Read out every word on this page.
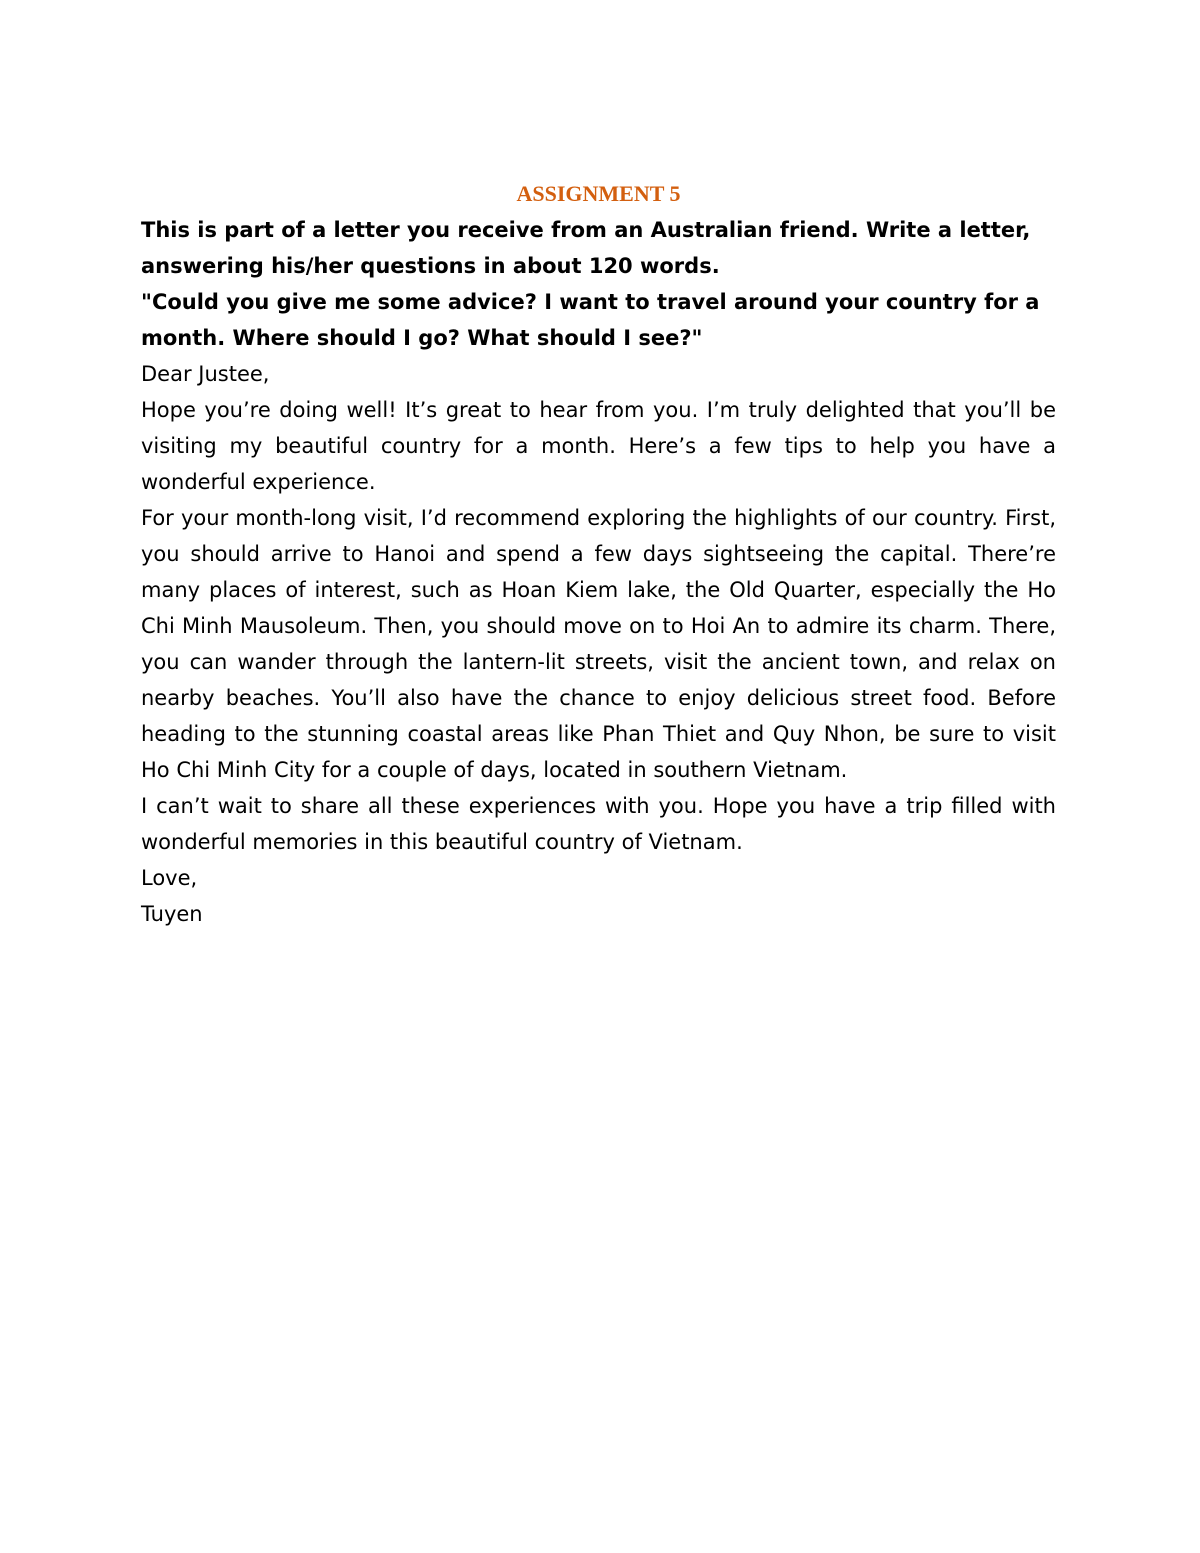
ASSIGNMENT 5

This is part of a letter you receive from an Australian friend. Write a letter, answering his/her questions in about 120 words.

"Could you give me some advice? I want to travel around your country for a month. Where should I go? What should I see?"

Dear Justee,

Hope you’re doing well! It’s great to hear from you. I’m truly delighted that you’ll be visiting my beautiful country for a month. Here’s a few tips to help you have a wonderful experience.

For your month-long visit, I’d recommend exploring the highlights of our country. First, you should arrive to Hanoi and spend a few days sightseeing the capital. There’re many places of interest, such as Hoan Kiem lake, the Old Quarter, especially the Ho Chi Minh Mausoleum. Then, you should move on to Hoi An to admire its charm. There, you can wander through the lantern-lit streets, visit the ancient town, and relax on nearby beaches. You’ll also have the chance to enjoy delicious street food. Before heading to the stunning coastal areas like Phan Thiet and Quy Nhon, be sure to visit Ho Chi Minh City for a couple of days, located in southern Vietnam.

I can’t wait to share all these experiences with you. Hope you have a trip filled with wonderful memories in this beautiful country of Vietnam.

Love,

Tuyen
